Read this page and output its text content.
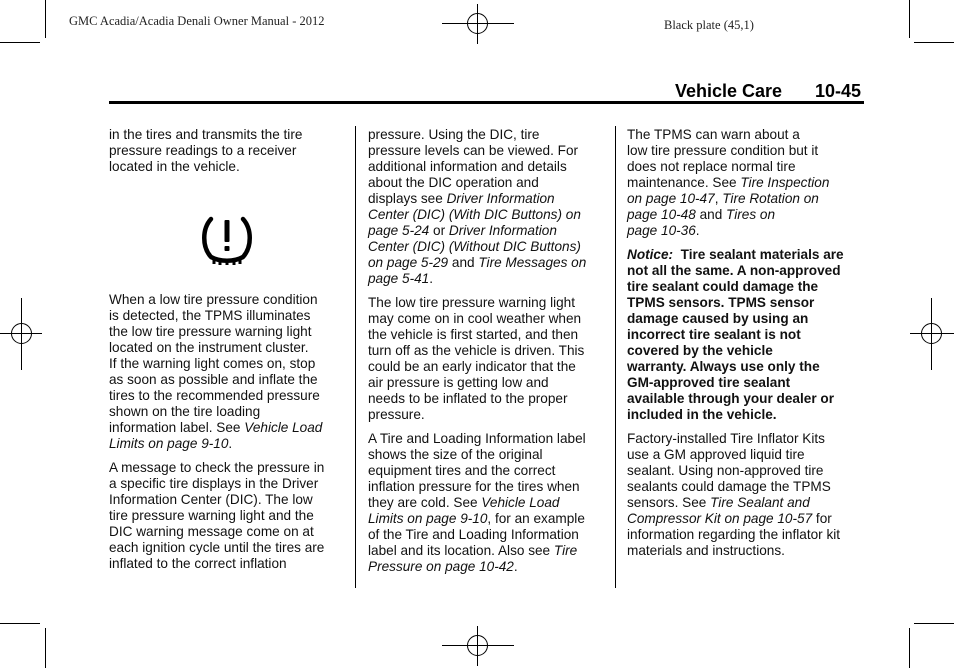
GMC Acadia/Acadia Denali Owner Manual - 2012	Black plate (45,1)
Vehicle Care 10-45

in the tires and transmits the tire
pressure readings to a receiver
located in the vehicle.

When a low tire pressure condition
is detected, the TPMS illuminates
the low tire pressure warning light
located on the instrument cluster.
If the warning light comes on, stop
as soon as possible and inflate the
tires to the recommended pressure
shown on the tire loading
information label. See Vehicle Load
Limits on page 9-10.

A message to check the pressure in
a specific tire displays in the Driver
Information Center (DIC). The low
tire pressure warning light and the
DIC warning message come on at
each ignition cycle until the tires are
inflated to the correct inflation

pressure. Using the DIC, tire
pressure levels can be viewed. For
additional information and details
about the DIC operation and
displays see Driver Information
Center (DIC) (With DIC Buttons) on
page 5-24 or Driver Information
Center (DIC) (Without DIC Buttons)
on page 5-29 and Tire Messages on
page 5-41.

The low tire pressure warning light
may come on in cool weather when
the vehicle is first started, and then
turn off as the vehicle is driven. This
could be an early indicator that the
air pressure is getting low and
needs to be inflated to the proper
pressure.

A Tire and Loading Information label
shows the size of the original
equipment tires and the correct
inflation pressure for the tires when
they are cold. See Vehicle Load
Limits on page 9-10, for an example
of the Tire and Loading Information
label and its location. Also see Tire
Pressure on page 10-42.

The TPMS can warn about a
low tire pressure condition but it
does not replace normal tire
maintenance. See Tire Inspection
on page 10-47, Tire Rotation on
page 10-48 and Tires on
page 10-36.

Notice: Tire sealant materials are
not all the same. A non-approved
tire sealant could damage the
TPMS sensors. TPMS sensor
damage caused by using an
incorrect tire sealant is not
covered by the vehicle
warranty. Always use only the
GM-approved tire sealant
available through your dealer or
included in the vehicle.

Factory-installed Tire Inflator Kits
use a GM approved liquid tire
sealant. Using non-approved tire
sealants could damage the TPMS
sensors. See Tire Sealant and
Compressor Kit on page 10-57 for
information regarding the inflator kit
materials and instructions.
